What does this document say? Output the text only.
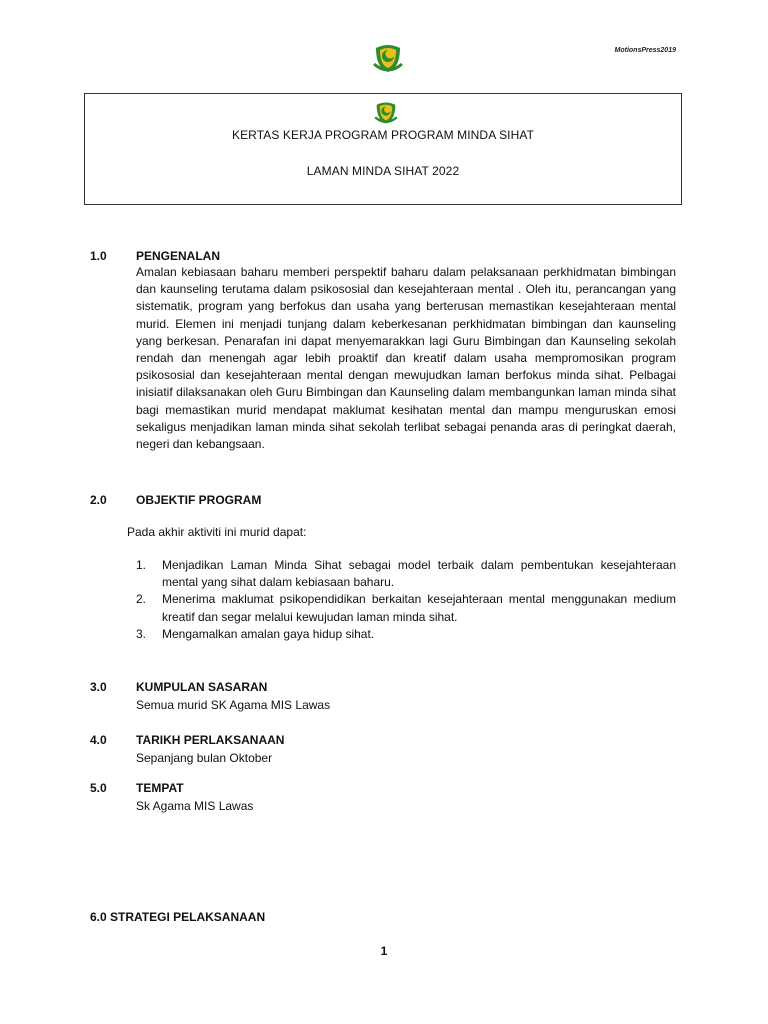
MotionsPress2019
KERTAS KERJA PROGRAM PROGRAM MINDA SIHAT
LAMAN MINDA SIHAT 2022
1.0 PENGENALAN
Amalan kebiasaan baharu memberi perspektif baharu dalam pelaksanaan perkhidmatan bimbingan dan kaunseling terutama dalam psikososial dan kesejahteraan mental . Oleh itu, perancangan yang sistematik, program yang berfokus dan usaha yang berterusan memastikan kesejahteraan mental murid. Elemen ini menjadi tunjang dalam keberkesanan perkhidmatan bimbingan dan kaunseling yang berkesan. Penarafan ini dapat menyemarakkan lagi Guru Bimbingan dan Kaunseling sekolah rendah dan menengah agar lebih proaktif dan kreatif dalam usaha mempromosikan program psikososial dan kesejahteraan mental dengan mewujudkan laman berfokus minda sihat. Pelbagai inisiatif dilaksanakan oleh Guru Bimbingan dan Kaunseling dalam membangunkan laman minda sihat bagi memastikan murid mendapat maklumat kesihatan mental dan mampu menguruskan emosi sekaligus menjadikan laman minda sihat sekolah terlibat sebagai penanda aras di peringkat daerah, negeri dan kebangsaan.
2.0 OBJEKTIF PROGRAM
Pada akhir aktiviti ini murid dapat:
1.	Menjadikan Laman Minda Sihat sebagai model terbaik dalam pembentukan kesejahteraan mental yang sihat dalam kebiasaan baharu.
2.	Menerima maklumat psikopendidikan berkaitan kesejahteraan mental menggunakan medium kreatif dan segar melalui kewujudan laman minda sihat.
3.	Mengamalkan amalan gaya hidup sihat.
3.0 KUMPULAN SASARAN
Semua murid SK Agama MIS Lawas
4.0 TARIKH PERLAKSANAAN
Sepanjang bulan Oktober
5.0 TEMPAT
Sk Agama MIS Lawas
6.0 STRATEGI PELAKSANAAN
1
